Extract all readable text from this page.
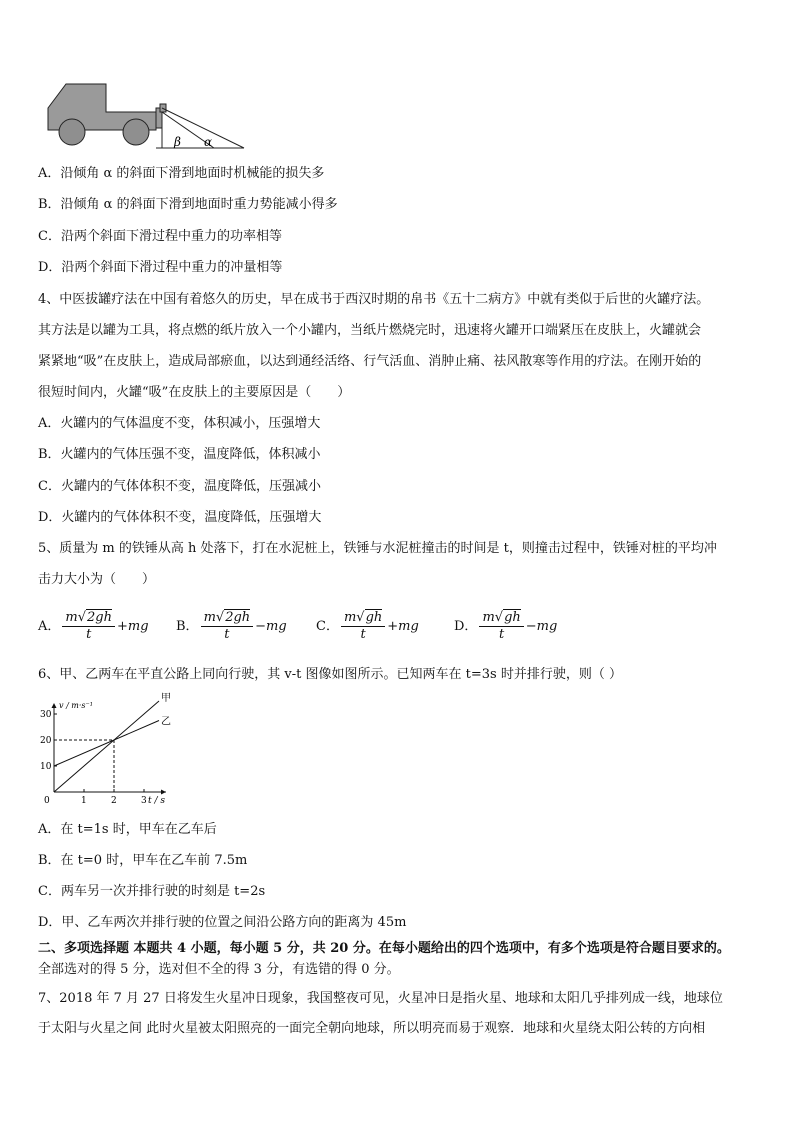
β α
A．沿倾角 α 的斜面下滑到地面时机械能的损失多
B．沿倾角 α 的斜面下滑到地面时重力势能减小得多
C．沿两个斜面下滑过程中重力的功率相等
D．沿两个斜面下滑过程中重力的冲量相等
4、中医拔罐疗法在中国有着悠久的历史，早在成书于西汉时期的帛书《五十二病方》中就有类似于后世的火罐疗法。
其方法是以罐为工具，将点燃的纸片放入一个小罐内，当纸片燃烧完时，迅速将火罐开口端紧压在皮肤上，火罐就会
紧紧地“吸”在皮肤上，造成局部瘀血，以达到通经活络、行气活血、消肿止痛、祛风散寒等作用的疗法。在刚开始的
很短时间内，火罐“吸”在皮肤上的主要原因是（　　）
A．火罐内的气体温度不变，体积减小，压强增大
B．火罐内的气体压强不变，温度降低，体积减小
C．火罐内的气体体积不变，温度降低，压强减小
D．火罐内的气体体积不变，温度降低，压强增大
5、质量为 m 的铁锤从高 h 处落下，打在水泥桩上，铁锤与水泥桩撞击的时间是 t，则撞击过程中，铁锤对桩的平均冲
击力大小为（　　）
A． $\frac{m√2gh}{t} +mg$ B． $\frac{m√2gh}{t} -mg$ C． $\frac{m√gh}{t} +mg$	D． $\frac{m√gh}{t} -mg$
6、甲、乙两车在平直公路上同向行驶，其 v-t 图像如图所示。已知两车在 t=3s 时并排行驶，则（ ）
1	2	3
10
20
30
0
v / m·s⁻¹
t / s
甲
乙
A．在 t=1s 时，甲车在乙车后
B．在 t=0 时，甲车在乙车前 7.5m
C．两车另一次并排行驶的时刻是 t=2s
D．甲、乙车两次并排行驶的位置之间沿公路方向的距离为 45m
二、多项选择题 本题共 4 小题，每小题 5 分，共 20 分。在每小题给出的四个选项中，有多个选项是符合题目要求的。
全部选对的得 5 分，选对但不全的得 3 分，有选错的得 0 分。
7、2018 年 7 月 27 日将发生火星冲日现象，我国整夜可见，火星冲日是指火星、地球和太阳几乎排列成一线，地球位
于太阳与火星之间 此时火星被太阳照亮的一面完全朝向地球，所以明亮而易于观察．地球和火星绕太阳公转的方向相
